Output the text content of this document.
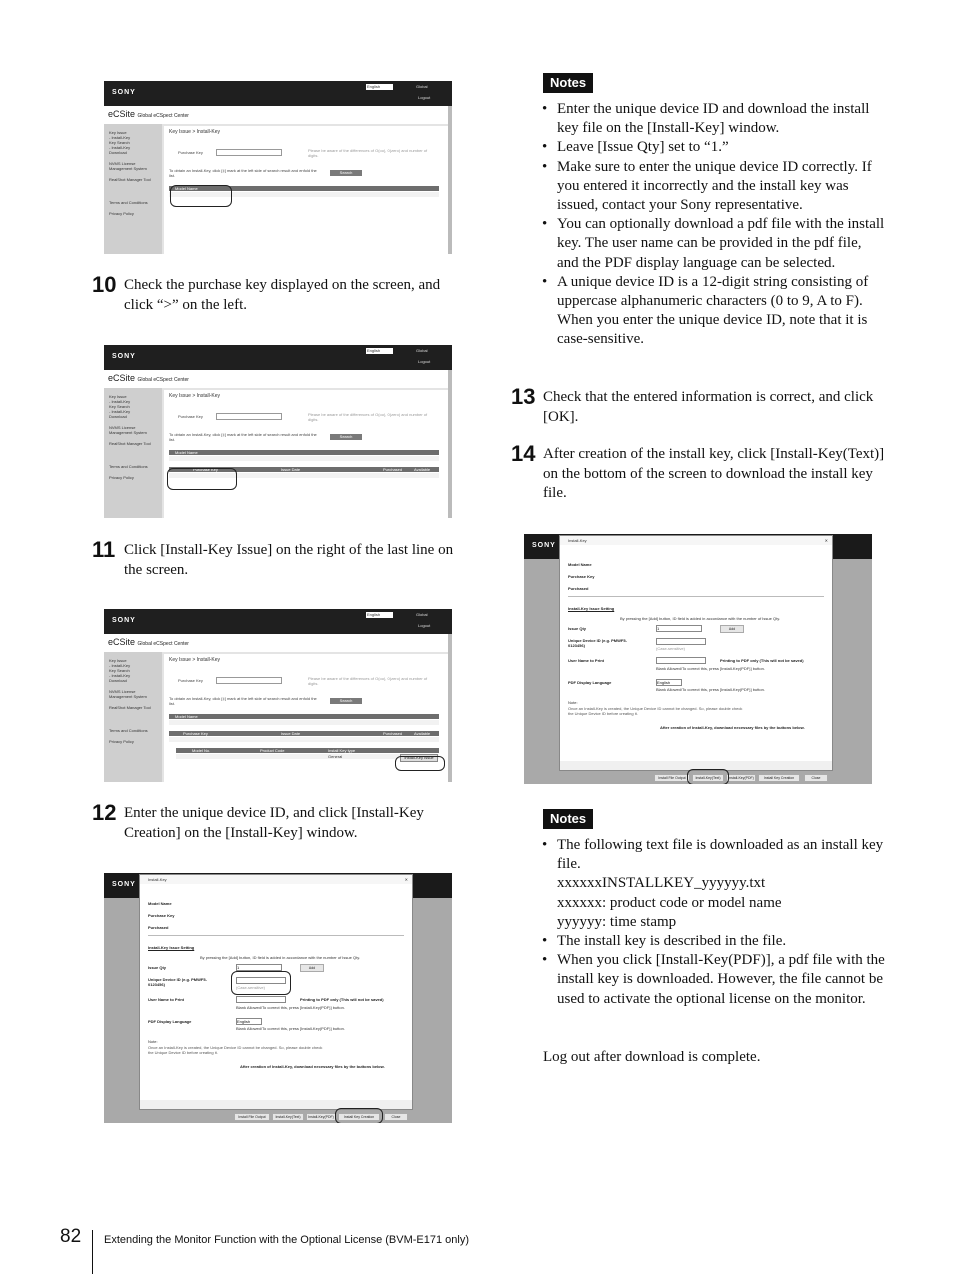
SONY
English	Global
Logout
eCSite Global eCSpect Center
Key Issue
- Install-Key
Key Search
- Install-Key
Download
NVMS License
Management System
RealShot Manager Tool
Terms and Conditions
Privacy Policy
Key Issue > Install-Key
Purchase Key	Please be aware of the differences of O(oo), 0(zero) and number of digits.
To obtain an Install-Key, click [‡] mark at the left side of search result and enfold the list.
Search
Model Name
10 Check the purchase key displayed on the screen, and click “>” on the left.
SONY
English	Global
Logout
eCSite Global eCSpect Center
Key Issue
- Install-Key
Key Search
- Install-Key
Download
NVMS License
Management System
RealShot Manager Tool
Terms and Conditions
Privacy Policy
Key Issue > Install-Key
Purchase Key	Please be aware of the differences of O(oo), 0(zero) and number of digits.
To obtain an Install-Key, click [‡] mark at the left side of search result and enfold the list.
Search
Model Name
Purchase Key	Issue Date	Purchased	Available
11 Click [Install-Key Issue] on the right of the last line on the screen.
SONY
English	Global
Logout
eCSite Global eCSpect Center
Key Issue
- Install-Key
Key Search
- Install-Key
Download
NVMS License
Management System
RealShot Manager Tool
Terms and Conditions
Privacy Policy
Key Issue > Install-Key
Purchase Key	Please be aware of the differences of O(oo), 0(zero) and number of digits.
To obtain an Install-Key, click [‡] mark at the left side of search result and enfold the list.
Search
Model Name
Purchase Key	Issue Date	Purchased	Available
Model No.	Product Code	Install Key type
General	Install-Key Issue
12 Enter the unique device ID, and click [Install-Key Creation] on the [Install-Key] window.
SONY
Install-Key	✕
Model Name
Purchase Key
Purchased
Install-Key Issue Setting
By pressing the [Add] button, ID field is added in accordance with the number of Issue Qty.
Issue Qty	1	Add
Unique Device ID (e.g. PMWF5-0123456)
(Case-sensitive)
User Name to Print	Printing to PDF only (This will not be saved)
Blank Allowed/To correct this, press [Install-Key(PDF)] button.
PDF Display Language	English
Blank Allowed/To correct this, press [Install-Key(PDF)] button.
Note:
Once an Install-Key is created, the Unique Device ID cannot be changed. So, please double check the Unique Device ID before creating it.
After creation of Install-Key, download necessary files by the buttons below.
Install File Output	Install-Key(Text)	Install-Key(PDF)	Install Key Creation	Close
Notes
• Enter the unique device ID and download the install key file on the [Install-Key] window.
• Leave [Issue Qty] set to “1.”
• Make sure to enter the unique device ID correctly. If you entered it incorrectly and the install key was issued, contact your Sony representative.
• You can optionally download a pdf file with the install key. The user name can be provided in the pdf file, and the PDF display language can be selected.
• A unique device ID is a 12-digit string consisting of uppercase alphanumeric characters (0 to 9, A to F). When you enter the unique device ID, note that it is case-sensitive.
13 Check that the entered information is correct, and click [OK].
14 After creation of the install key, click [Install-Key(Text)] on the bottom of the screen to download the install key file.
SONY
Install-Key	✕
Model Name
Purchase Key
Purchased
Install-Key Issue Setting
By pressing the [Add] button, ID field is added in accordance with the number of Issue Qty.
Issue Qty	1	Add
Unique Device ID (e.g. PMWF5-0123456)
(Case-sensitive)
User Name to Print	Printing to PDF only (This will not be saved)
Blank Allowed/To correct this, press [Install-Key(PDF)] button.
PDF Display Language	English
Blank Allowed/To correct this, press [Install-Key(PDF)] button.
Note:
Once an Install-Key is created, the Unique Device ID cannot be changed. So, please double check the Unique Device ID before creating it.
After creation of Install-Key, download necessary files by the buttons below.
Install File Output	Install-Key(Text)	Install-Key(PDF)	Install Key Creation	Close
Notes
• The following text file is downloaded as an install key file.
xxxxxxINSTALLKEY_yyyyyy.txt
xxxxxx: product code or model name
yyyyyy: time stamp
• The install key is described in the file.
• When you click [Install-Key(PDF)], a pdf file with the install key is downloaded. However, the file cannot be used to activate the optional license on the monitor.
Log out after download is complete.
82 Extending the Monitor Function with the Optional License (BVM-E171 only)
